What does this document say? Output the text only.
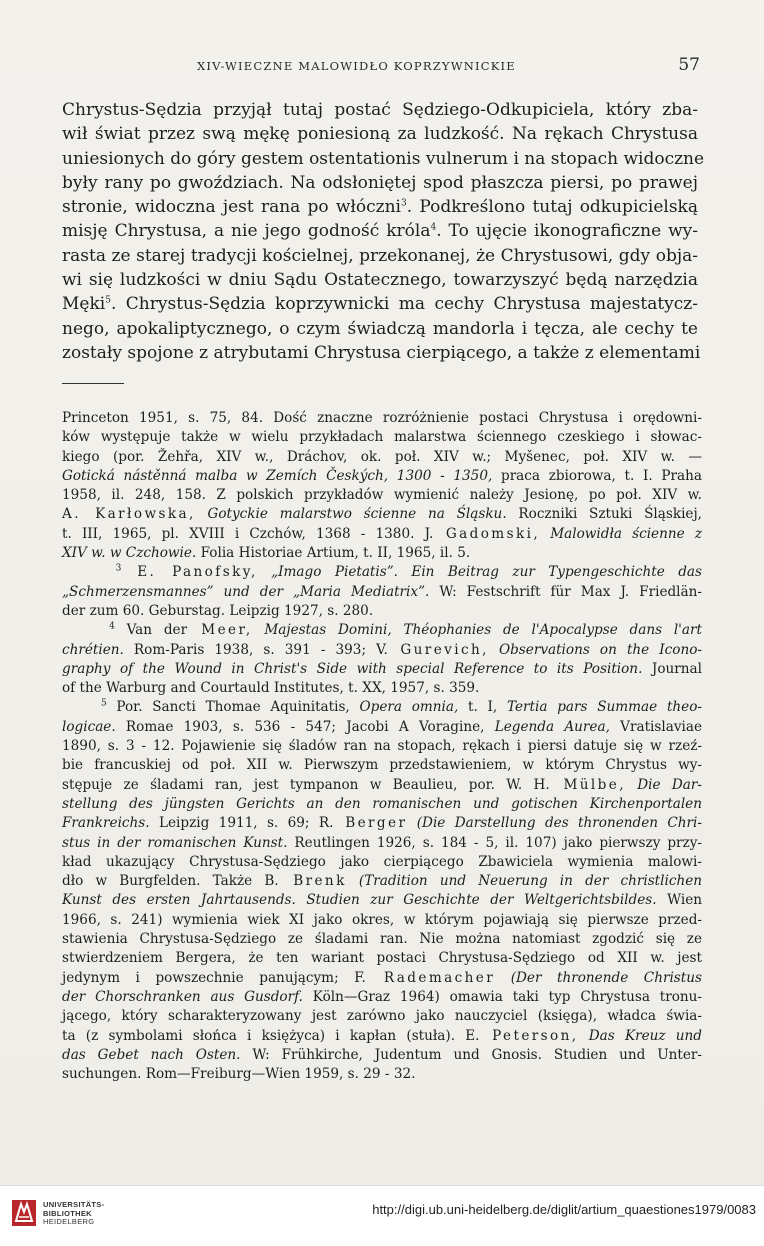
XIV-WIECZNE MALOWIDŁO KOPRZYWNICKIE	57
Chrystus-Sędzia przyjął tutaj postać Sędziego-Odkupiciela, który zba-
wił świat przez swą mękę poniesioną za ludzkość. Na rękach Chrystusa
uniesionych do góry gestem ostentationis vulnerum i na stopach widoczne
były rany po gwoździach. Na odsłoniętej spod płaszcza piersi, po prawej
stronie, widoczna jest rana po włóczni$^3$. Podkreślono tutaj odkupicielską
misję Chrystusa, a nie jego godność króla$^4$. To ujęcie ikonograficzne wy-
rasta ze starej tradycji kościelnej, przekonanej, że Chrystusowi, gdy obja-
wi się ludzkości w dniu Sądu Ostatecznego, towarzyszyć będą narzędzia
Męki$^5$. Chrystus-Sędzia koprzywnicki ma cechy Chrystusa majestatycz-
nego, apokaliptycznego, o czym świadczą mandorla i tęcza, ale cechy te
zostały spojone z atrybutami Chrystusa cierpiącego, a także z elementami
Princeton 1951, s. 75, 84. Dość znaczne rozróżnienie postaci Chrystusa i orędowni-
ków występuje także w wielu przykładach malarstwa ściennego czeskiego i słowac-
kiego (por. Žehřa, XIV w., Dráchov, ok. poł. XIV w.; Myšenec, poł. XIV w. —
Gotická nástěnná malba w Zemích Českých, 1300 - 1350, praca zbiorowa, t. I. Praha
1958, il. 248, 158. Z polskich przykładów wymienić należy Jesionę, po poł. XIV w.
A. Karłowska, Gotyckie malarstwo ścienne na Śląsku. Roczniki Sztuki Śląskiej,
t. III, 1965, pl. XVIII i Czchów, 1368 - 1380. J. Gadomski, Malowidła ścienne z
XIV w. w Czchowie. Folia Historiae Artium, t. II, 1965, il. 5.
$^3$ E. Panofsky, „Imago Pietatis”. Ein Beitrag zur Typengeschichte das
„Schmerzensmannes” und der „Maria Mediatrix”. W: Festschrift für Max J. Friedlän-
der zum 60. Geburstag. Leipzig 1927, s. 280.
$^4$ Van der Meer, Majestas Domini, Théophanies de l'Apocalypse dans l'art
chrétien. Rom-Paris 1938, s. 391 - 393; V. Gurevich, Observations on the Icono-
graphy of the Wound in Christ's Side with special Reference to its Position. Journal
of the Warburg and Courtauld Institutes, t. XX, 1957, s. 359.
$^5$ Por. Sancti Thomae Aquinitatis, Opera omnia, t. I, Tertia pars Summae theo-
logicae. Romae 1903, s. 536 - 547; Jacobi A Voragine, Legenda Aurea, Vratislaviae
1890, s. 3 - 12. Pojawienie się śladów ran na stopach, rękach i piersi datuje się w rzeź-
bie francuskiej od poł. XII w. Pierwszym przedstawieniem, w którym Chrystus wy-
stępuje ze śladami ran, jest tympanon w Beaulieu, por. W. H. Mülbe, Die Dar-
stellung des jüngsten Gerichts an den romanischen und gotischen Kirchenportalen
Frankreichs. Leipzig 1911, s. 69; R. Berger (Die Darstellung des thronenden Chri-
stus in der romanischen Kunst. Reutlingen 1926, s. 184 - 5, il. 107) jako pierwszy przy-
kład ukazujący Chrystusa-Sędziego jako cierpiącego Zbawiciela wymienia malowi-
dło w Burgfelden. Także B. Brenk (Tradition und Neuerung in der christlichen
Kunst des ersten Jahrtausends. Studien zur Geschichte der Weltgerichtsbildes. Wien
1966, s. 241) wymienia wiek XI jako okres, w którym pojawiają się pierwsze przed-
stawienia Chrystusa-Sędziego ze śladami ran. Nie można natomiast zgodzić się ze
stwierdzeniem Bergera, że ten wariant postaci Chrystusa-Sędziego od XII w. jest
jedynym i powszechnie panującym; F. Rademacher (Der thronende Christus
der Chorschranken aus Gusdorf. Köln—Graz 1964) omawia taki typ Chrystusa tronu-
jącego, który scharakteryzowany jest zarówno jako nauczyciel (księga), władca świa-
ta (z symbolami słońca i księżyca) i kapłan (stuła). E. Peterson, Das Kreuz und
das Gebet nach Osten. W: Frühkirche, Judentum und Gnosis. Studien und Unter-
suchungen. Rom—Freiburg—Wien 1959, s. 29 - 32.
UNIVERSITÄTS-
BIBLIOTHEK
HEIDELBERG
http://digi.ub.uni-heidelberg.de/diglit/artium_quaestiones1979/0083
